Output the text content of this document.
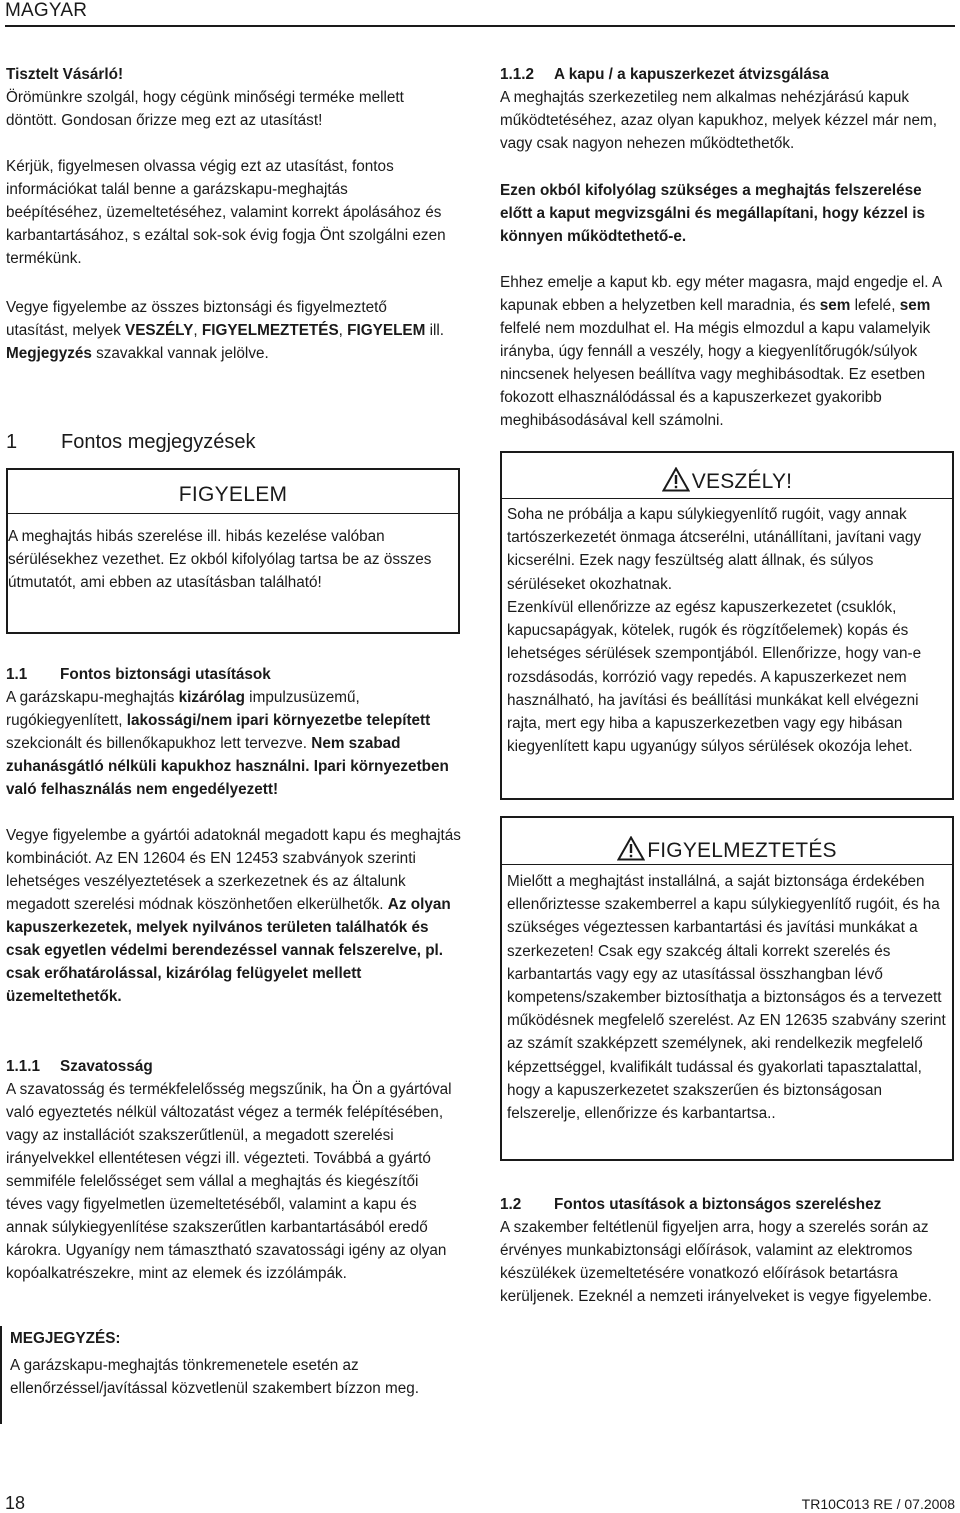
MAGYAR

Tisztelt Vásárló!

Örömünkre szolgál, hogy cégünk minőségi terméke mellett döntött. Gondosan őrizze meg ezt az utasítást!

Kérjük, figyelmesen olvassa végig ezt az utasítást, fontos információkat talál benne a garázskapu-meghajtás beépítéséhez, üzemeltetéséhez, valamint korrekt ápolásához és karbantartásához, s ezáltal sok-sok évig fogja Önt szolgálni ezen termékünk.

Vegye figyelembe az összes biztonsági és figyelmeztető utasítást, melyek VESZÉLY, FIGYELMEZTETÉS, FIGYELEM ill. Megjegyzés szavakkal vannak jelölve.

1 Fontos megjegyzések
FIGYELEM

A meghajtás hibás szerelése ill. hibás kezelése valóban sérülésekhez vezethet. Ez okból kifolyólag tartsa be az összes útmutatót, ami ebben az utasításban található!

1.1 Fontos biztonsági utasítások

A garázskapu-meghajtás kizárólag impulzusüzemű, rugókiegyenlített, lakossági/nem ipari környezetbe telepített szekcionált és billenőkapukhoz lett tervezve. Nem szabad zuhanásgátló nélküli kapukhoz használni. Ipari környezetben való felhasználás nem engedélyezett!

Vegye figyelembe a gyártói adatoknál megadott kapu és meghajtás kombinációt. Az EN 12604 és EN 12453 szabványok szerinti lehetséges veszélyeztetések a szerkezetnek és az általunk megadott szerelési módnak köszönhetően elkerülhetők. Az olyan kapuszerkezetek, melyek nyilvános területen találhatók és csak egyetlen védelmi berendezéssel vannak felszerelve, pl. csak erőhatárolással, kizárólag felügyelet mellett üzemeltethetők.

1.1.1 Szavatosság

A szavatosság és termékfelelősség megszűnik, ha Ön a gyártóval való egyeztetés nélkül változatást végez a termék felépítésében, vagy az installációt szakszerűtlenül, a megadott szerelési irányelvekkel ellentétesen végzi ill. végezteti. Továbbá a gyártó semmiféle felelősséget sem vállal a meghajtás és kiegészítői téves vagy figyelmetlen üzemeltetéséből, valamint a kapu és annak súlykiegyenlítése szakszerűtlen karbantartásából eredő károkra. Ugyanígy nem támasztható szavatossági igény az olyan kopóalkatrészekre, mint az elemek és izzólámpák.

MEGJEGYZÉS:

A garázskapu-meghajtás tönkremenetele esetén az ellenőrzéssel/javítással közvetlenül szakembert bízzon meg.

1.1.2 A kapu / a kapuszerkezet átvizsgálása

A meghajtás szerkezetileg nem alkalmas nehézjárású kapuk működtetéséhez, azaz olyan kapukhoz, melyek kézzel már nem, vagy csak nagyon nehezen működtethetők.

Ezen okból kifolyólag szükséges a meghajtás felszerelése előtt a kaput megvizsgálni és megállapítani, hogy kézzel is könnyen működtethető-e.

Ehhez emelje a kaput kb. egy méter magasra, majd engedje el. A kapunak ebben a helyzetben kell maradnia, és sem lefelé, sem felfelé nem mozdulhat el. Ha mégis elmozdul a kapu valamelyik irányba, úgy fennáll a veszély, hogy a kiegyenlítőrugók/súlyok nincsenek helyesen beállítva vagy meghibásodtak. Ez esetben fokozott elhasználódással és a kapuszerkezet gyakoribb meghibásodásával kell számolni.

VESZÉLY!

Soha ne próbálja a kapu súlykiegyenlítő rugóit, vagy annak tartószerkezetét önmaga átcserélni, utánállítani, javítani vagy kicserélni. Ezek nagy feszültség alatt állnak, és súlyos sérüléseket okozhatnak.

Ezenkívül ellenőrizze az egész kapuszerkezetet (csuklók, kapucsapágyak, kötelek, rugók és rögzítőelemek) kopás és lehetséges sérülések szempontjából. Ellenőrizze, hogy van-e rozsdásodás, korrózió vagy repedés. A kapuszerkezet nem használható, ha javítási és beállítási munkákat kell elvégezni rajta, mert egy hiba a kapuszerkezetben vagy egy hibásan kiegyenlített kapu ugyanúgy súlyos sérülések okozója lehet.

FIGYELMEZTETÉS

Mielőtt a meghajtást installálná, a saját biztonsága érdekében ellenőriztesse szakemberrel a kapu súlykiegyenlítő rugóit, és ha szükséges végeztessen karbantartási és javítási munkákat a szerkezeten! Csak egy szakcég általi korrekt szerelés és karbantartás vagy egy az utasítással összhangban lévő kompetens/szakember biztosíthatja a biztonságos és a tervezett működésnek megfelelő szerelést. Az EN 12635 szabvány szerint az számít szakképzett személynek, aki rendelkezik megfelelő képzettséggel, kvalifikált tudással és gyakorlati tapasztalattal, hogy a kapuszerkezetet szakszerűen és biztonságosan felszerelje, ellenőrizze és karbantartsa..

1.2 Fontos utasítások a biztonságos szereléshez

A szakember feltétlenül figyeljen arra, hogy a szerelés során az érvényes munkabiztonsági előírások, valamint az elektromos készülékek üzemeltetésére vonatkozó előírások betartásra kerüljenek. Ezeknél a nemzeti irányelveket is vegye figyelembe.

18	TR10C013 RE / 07.2008
